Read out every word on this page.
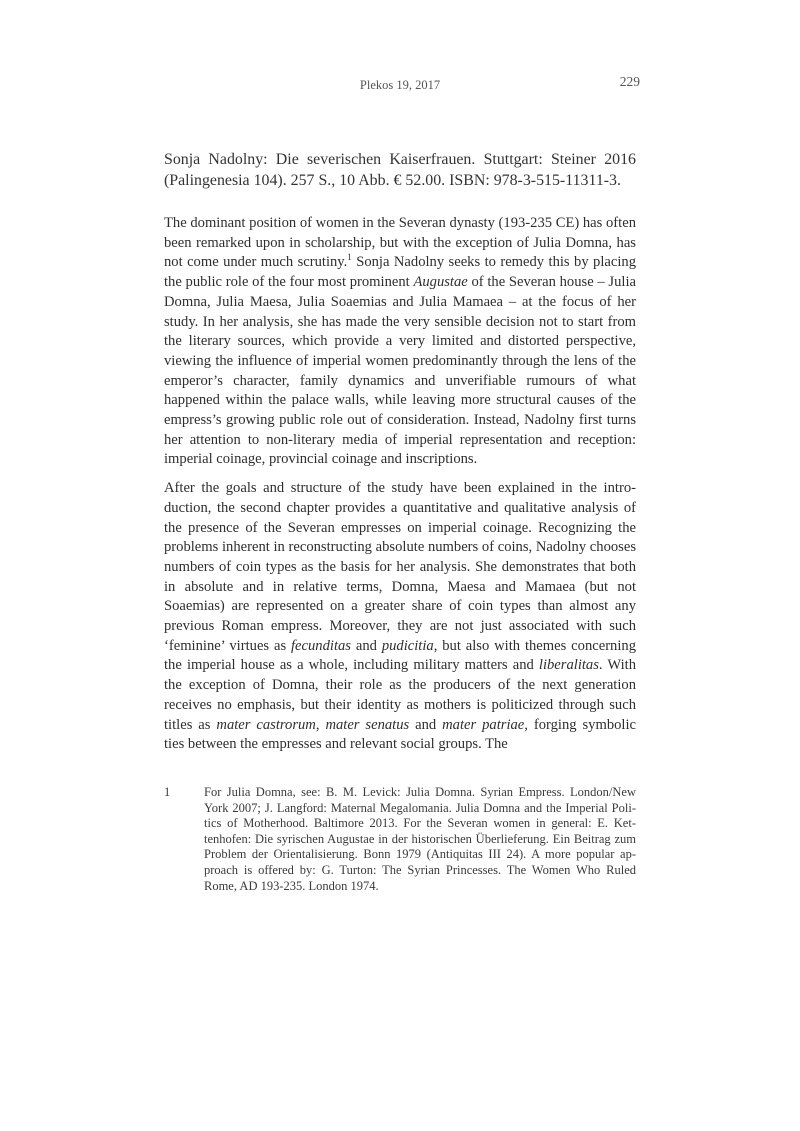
Plekos 19, 2017	229
Sonja Nadolny: Die severischen Kaiserfrauen. Stuttgart: Steiner 2016 (Palingenesia 104). 257 S., 10 Abb. € 52.00. ISBN: 978-3-515-11311-3.

The dominant position of women in the Severan dynasty (193-235 CE) has often been remarked upon in scholarship, but with the exception of Julia Domna, has not come under much scrutiny.$^1$ Sonja Nadolny seeks to remedy this by placing the public role of the four most prominent Augustae of the Severan house – Julia Domna, Julia Maesa, Julia Soaemias and Julia Mamaea – at the focus of her study. In her analysis, she has made the very sensible decision not to start from the literary sources, which provide a very limited and distorted perspective, viewing the influence of imperial women predominantly through the lens of the emperor’s character, family dynamics and unverifiable rumours of what happened within the palace walls, while leaving more structural causes of the empress’s growing public role out of consideration. Instead, Nadolny first turns her attention to non-literary media of imperial representation and reception: imperial coinage, provincial coinage and inscriptions.

After the goals and structure of the study have been explained in the introduction, the second chapter provides a quantitative and qualitative analysis of the presence of the Severan empresses on imperial coinage. Recognizing the problems inherent in reconstructing absolute numbers of coins, Nadolny chooses numbers of coin types as the basis for her analysis. She demonstrates that both in absolute and in relative terms, Domna, Maesa and Mamaea (but not Soaemias) are represented on a greater share of coin types than almost any previous Roman empress. Moreover, they are not just associated with such ‘feminine’ virtues as fecunditas and pudicitia, but also with themes concerning the imperial house as a whole, including military matters and liberalitas. With the exception of Domna, their role as the producers of the next generation receives no emphasis, but their identity as mothers is politicized through such titles as mater castrorum, mater senatus and mater patriae, forging symbolic ties between the empresses and relevant social groups. The

1	For Julia Domna, see: B. M. Levick: Julia Domna. Syrian Empress. London/New York 2007; J. Langford: Maternal Megalomania. Julia Domna and the Imperial Politics of Motherhood. Baltimore 2013. For the Severan women in general: E. Kettenhofen: Die syrischen Augustae in der historischen Überlieferung. Ein Beitrag zum Problem der Orientalisierung. Bonn 1979 (Antiquitas III 24). A more popular approach is offered by: G. Turton: The Syrian Princesses. The Women Who Ruled Rome, AD 193-235. London 1974.
